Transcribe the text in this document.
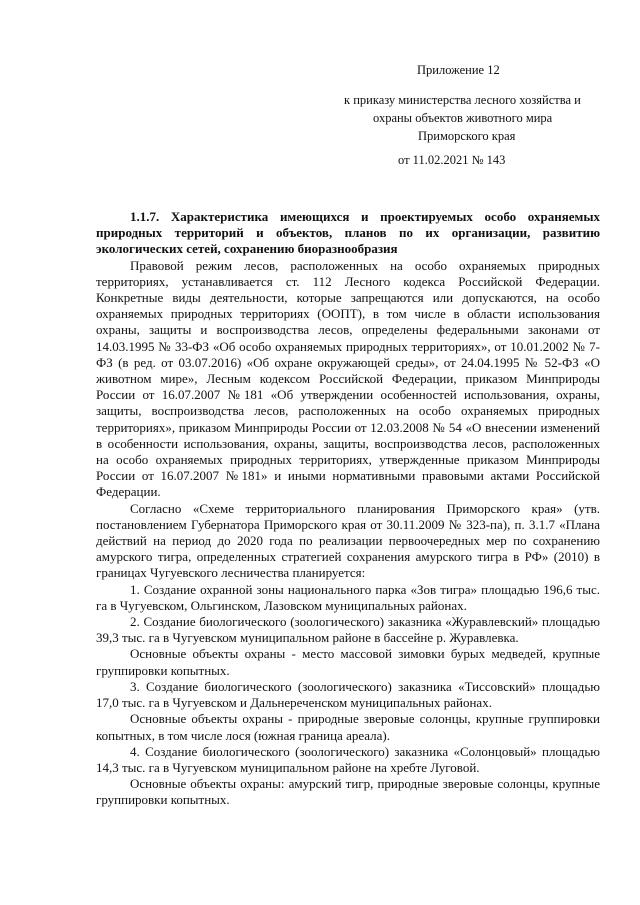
Приложение 12
к приказу министерства лесного хозяйства и
охраны объектов животного мира
Приморского края
от 11.02.2021 № 143

1.1.7. Характеристика имеющихся и проектируемых особо охраняемых природных территорий и объектов, планов по их организации, развитию экологических сетей, сохранению биоразнообразия

Правовой режим лесов, расположенных на особо охраняемых природных территориях, устанавливается ст. 112 Лесного кодекса Российской Федерации. Конкретные виды деятельности, которые запрещаются или допускаются, на особо охраняемых природных территориях (ООПТ), в том числе в области использования охраны, защиты и воспроизводства лесов, определены федеральными законами от 14.03.1995 № 33-ФЗ «Об особо охраняемых природных территориях», от 10.01.2002 № 7-ФЗ (в ред. от 03.07.2016) «Об охране окружающей среды», от 24.04.1995 № 52-ФЗ «О животном мире», Лесным кодексом Российской Федерации, приказом Минприроды России от 16.07.2007 №181 «Об утверждении особенностей использования, охраны, защиты, воспроизводства лесов, расположенных на особо охраняемых природных территориях», приказом Минприроды России от 12.03.2008 № 54 «О внесении изменений в особенности использования, охраны, защиты, воспроизводства лесов, расположенных на особо охраняемых природных территориях, утвержденные приказом Минприроды России от 16.07.2007 №181» и иными нормативными правовыми актами Российской Федерации.

Согласно «Схеме территориального планирования Приморского края» (утв. постановлением Губернатора Приморского края от 30.11.2009 № 323-па), п. 3.1.7 «Плана действий на период до 2020 года по реализации первоочередных мер по сохранению амурского тигра, определенных стратегией сохранения амурского тигра в РФ» (2010) в границах Чугуевского лесничества планируется:

1. Создание охранной зоны национального парка «Зов тигра» площадью 196,6 тыс. га в Чугуевском, Ольгинском, Лазовском муниципальных районах.

2. Создание биологического (зоологического) заказника «Журавлевский» площадью 39,3 тыс. га в Чугуевском муниципальном районе в бассейне р. Журавлевка.

Основные объекты охраны - место массовой зимовки бурых медведей, крупные группировки копытных.

3. Создание биологического (зоологического) заказника «Тиссовский» площадью 17,0 тыс. га в Чугуевском и Дальнереченском муниципальных районах.

Основные объекты охраны - природные зверовые солонцы, крупные группировки копытных, в том числе лося (южная граница ареала).

4. Создание биологического (зоологического) заказника «Солонцовый» площадью 14,3 тыс. га в Чугуевском муниципальном районе на хребте Луговой.

Основные объекты охраны: амурский тигр, природные зверовые солонцы, крупные группировки копытных.
